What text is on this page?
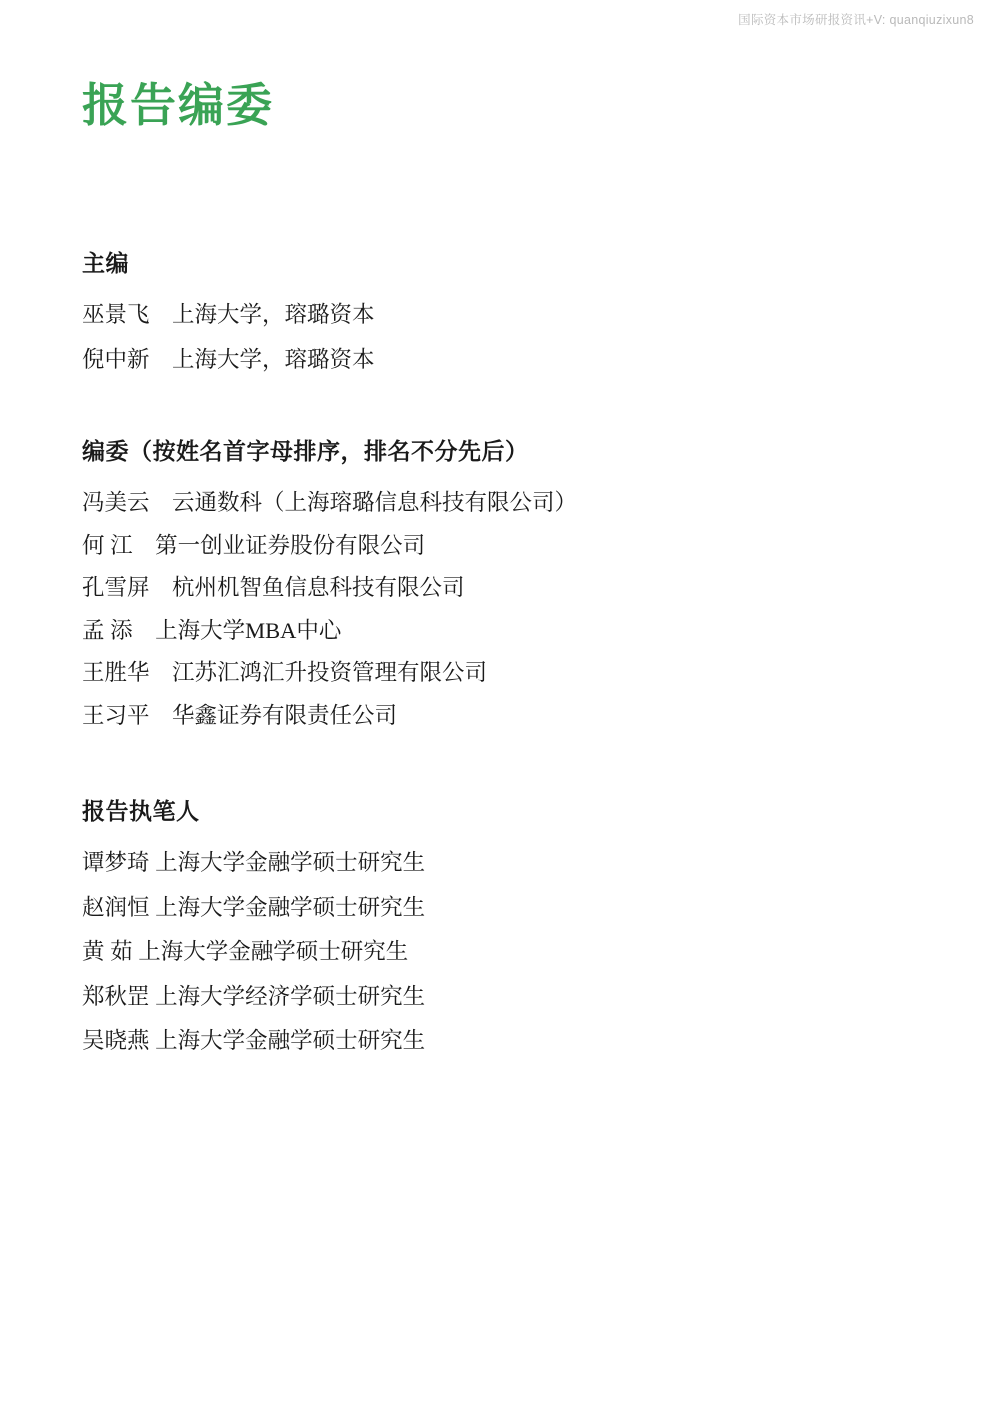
国际资本市场研报资讯+V: quanqiuzixun8
报告编委
主编
巫景飞　上海大学，瑢璐资本
倪中新　上海大学，瑢璐资本
编委（按姓名首字母排序，排名不分先后）
冯美云　云通数科（上海瑢璐信息科技有限公司）
何 江　第一创业证券股份有限公司
孔雪屏　杭州机智鱼信息科技有限公司
孟 添　上海大学MBA中心
王胜华　江苏汇鸿汇升投资管理有限公司
王习平　华鑫证券有限责任公司
报告执笔人
谭梦琦 上海大学金融学硕士研究生
赵润恒 上海大学金融学硕士研究生
黄 茹 上海大学金融学硕士研究生
郑秋罡 上海大学经济学硕士研究生
吴晓燕 上海大学金融学硕士研究生
